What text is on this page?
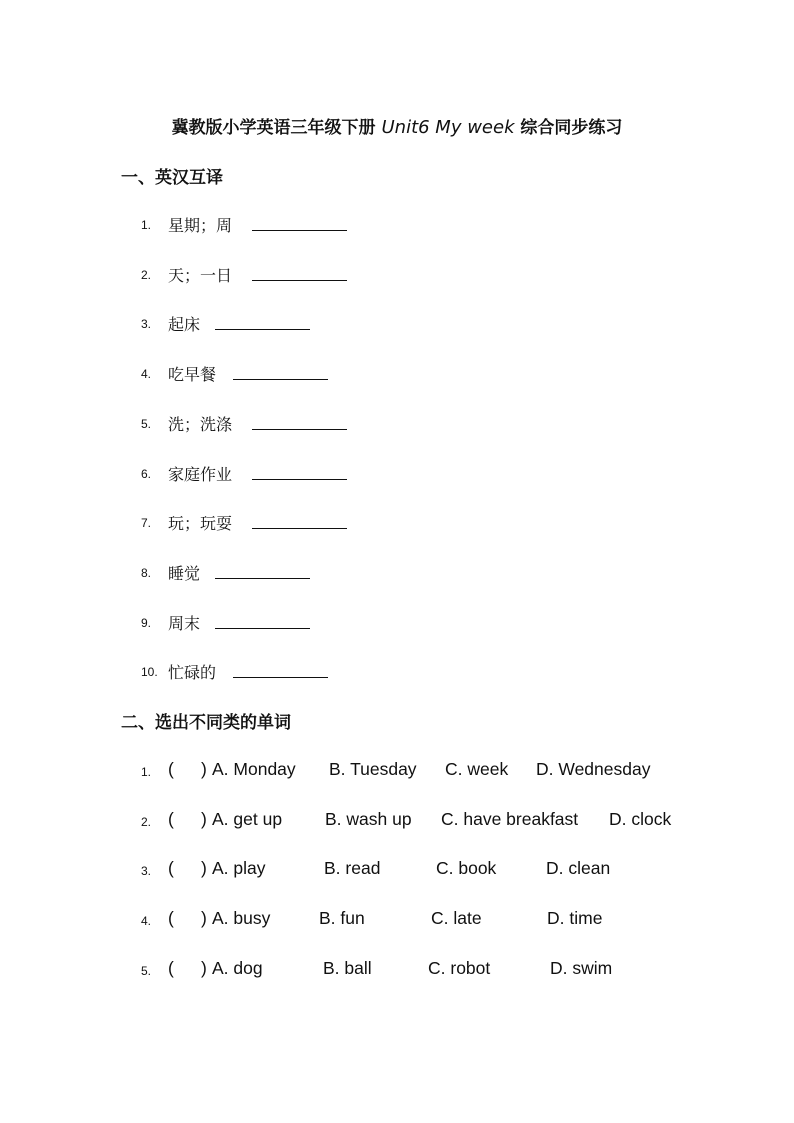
冀教版小学英语三年级下册 Unit6 My week 综合同步练习
一、英汉互译
1. 星期；周
2. 天；一日
3. 起床
4. 吃早餐
5. 洗；洗涤
6. 家庭作业
7. 玩；玩耍
8. 睡觉
9. 周末
10. 忙碌的
二、选出不同类的单词
1. ( ) A. Monday B. Tuesday C. week D. Wednesday
2. ( ) A. get up B. wash up C. have breakfast D. clock
3. ( ) A. play	B. read	C. book	D. clean
4. ( ) A. busy	B. fun	C. late	D. time
5. ( ) A. dog	B. ball	C. robot	D. swim
